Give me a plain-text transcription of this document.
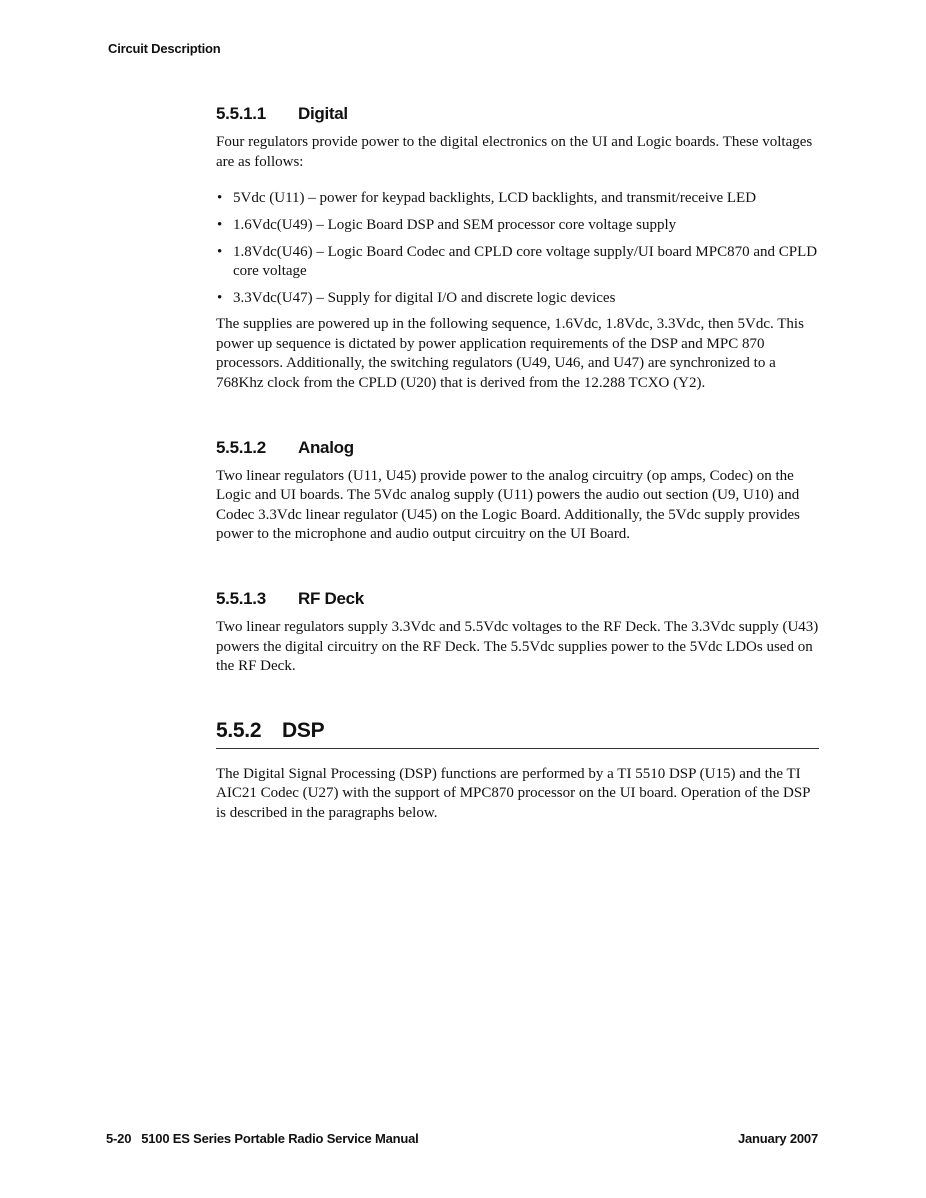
Circuit Description
5.5.1.1 Digital

Four regulators provide power to the digital electronics on the UI and Logic boards. These voltages are as follows:

• 5Vdc (U11) – power for keypad backlights, LCD backlights, and transmit/receive LED
• 1.6Vdc(U49) – Logic Board DSP and SEM processor core voltage supply
• 1.8Vdc(U46) – Logic Board Codec and CPLD core voltage supply/UI board MPC870 and CPLD core voltage
• 3.3Vdc(U47) – Supply for digital I/O and discrete logic devices

The supplies are powered up in the following sequence, 1.6Vdc, 1.8Vdc, 3.3Vdc, then 5Vdc. This power up sequence is dictated by power application requirements of the DSP and MPC 870 processors. Additionally, the switching regulators (U49, U46, and U47) are synchronized to a 768Khz clock from the CPLD (U20) that is derived from the 12.288 TCXO (Y2).

5.5.1.2 Analog

Two linear regulators (U11, U45) provide power to the analog circuitry (op amps, Codec) on the Logic and UI boards. The 5Vdc analog supply (U11) powers the audio out section (U9, U10) and Codec 3.3Vdc linear regulator (U45) on the Logic Board. Additionally, the 5Vdc supply provides power to the microphone and audio output circuitry on the UI Board.

5.5.1.3 RF Deck

Two linear regulators supply 3.3Vdc and 5.5Vdc voltages to the RF Deck. The 3.3Vdc supply (U43) powers the digital circuitry on the RF Deck. The 5.5Vdc supplies power to the 5Vdc LDOs used on the RF Deck.

5.5.2 DSP

The Digital Signal Processing (DSP) functions are performed by a TI 5510 DSP (U15) and the TI AIC21 Codec (U27) with the support of MPC870 processor on the UI board. Operation of the DSP is described in the paragraphs below.

5-20 5100 ES Series Portable Radio Service Manual	January 2007
